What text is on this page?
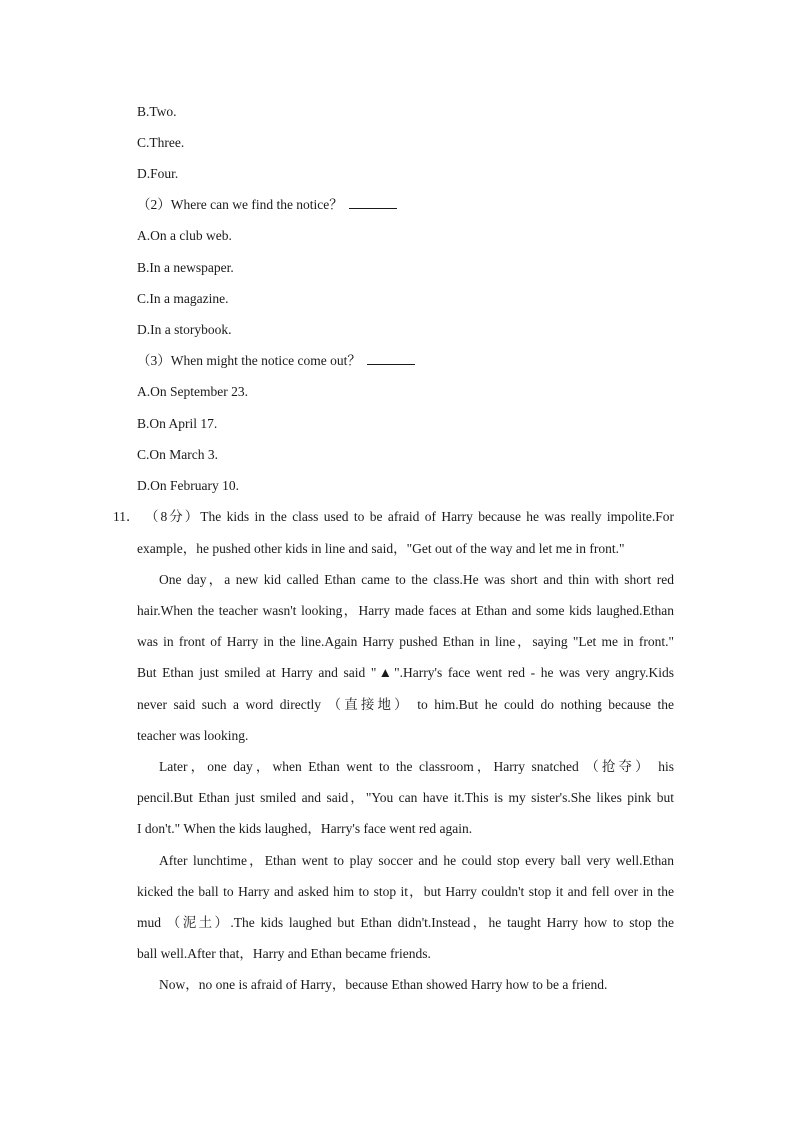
B.Two.
C.Three.
D.Four.
（2）Where can we find the notice？
A.On a club web.
B.In a newspaper.
C.In a magazine.
D.In a storybook.
（3）When might the notice come out？
A.On September 23.
B.On April 17.
C.On March 3.
D.On February 10.
11． （8分）The kids in the class used to be afraid of Harry because he was really impolite.For
example，he pushed other kids in line and said，"Get out of the way and let me in front."
One day，a new kid called Ethan came to the class.He was short and thin with short red
hair.When the teacher wasn't looking，Harry made faces at Ethan and some kids laughed.Ethan
was in front of Harry in the line.Again Harry pushed Ethan in line，saying "Let me in front."
But Ethan just smiled at Harry and said "▲".Harry's face went red - he was very angry.Kids
never said such a word directly （直接地） to him.But he could do nothing because the
teacher was looking.
Later，one day，when Ethan went to the classroom，Harry snatched （抢夺） his
pencil.But Ethan just smiled and said，"You can have it.This is my sister's.She likes pink but
I don't." When the kids laughed，Harry's face went red again.
After lunchtime，Ethan went to play soccer and he could stop every ball very well.Ethan
kicked the ball to Harry and asked him to stop it，but Harry couldn't stop it and fell over in the
mud （泥土）.The kids laughed but Ethan didn't.Instead，he taught Harry how to stop the
ball well.After that，Harry and Ethan became friends.
Now，no one is afraid of Harry，because Ethan showed Harry how to be a friend.
